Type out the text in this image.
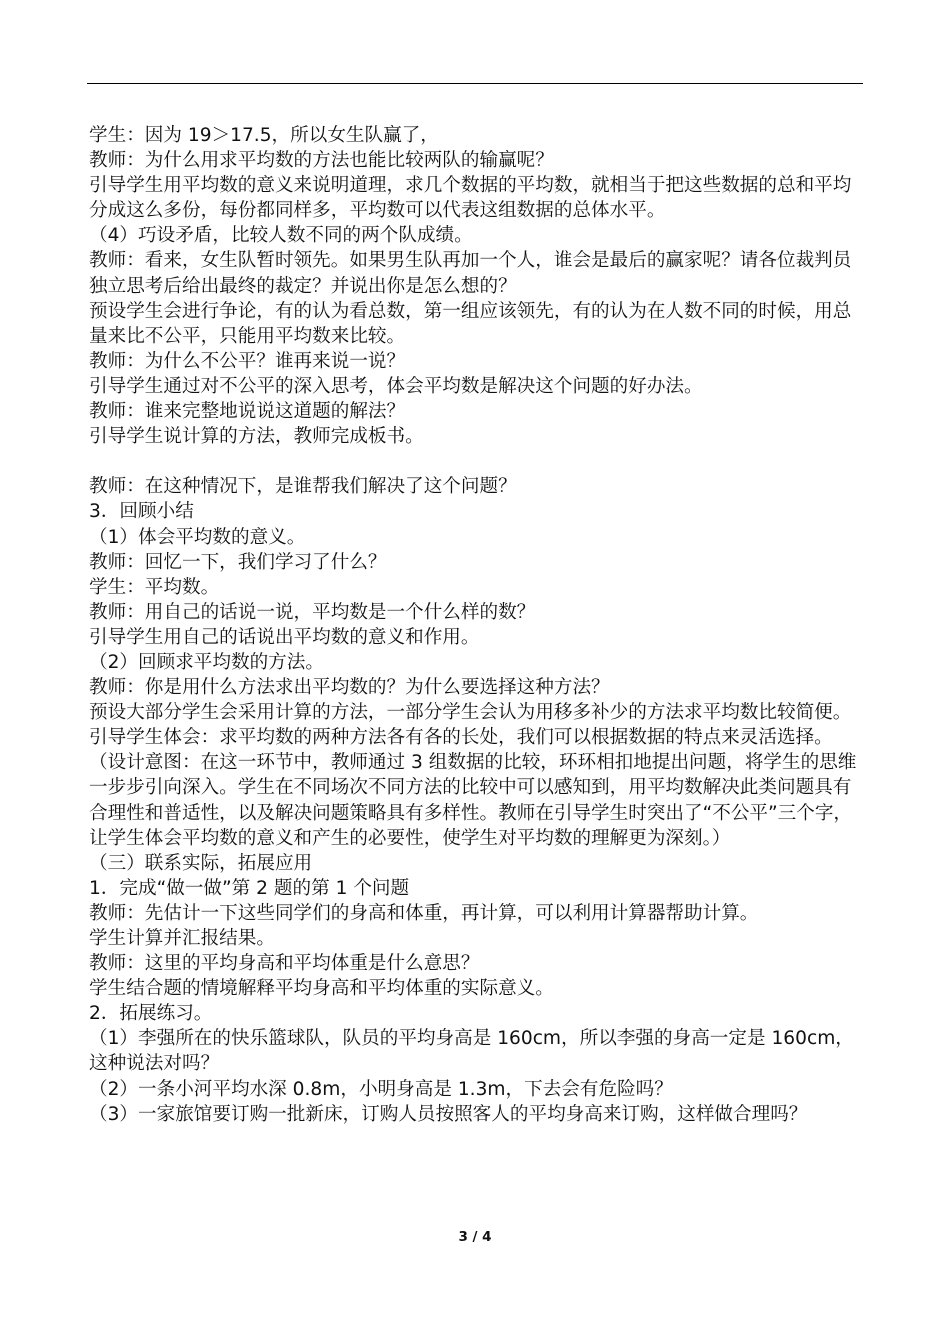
学生：因为 19＞17.5，所以女生队赢了，
教师：为什么用求平均数的方法也能比较两队的输赢呢？
引导学生用平均数的意义来说明道理，求几个数据的平均数，就相当于把这些数据的总和平均分成这么多份，每份都同样多，平均数可以代表这组数据的总体水平。
（4）巧设矛盾，比较人数不同的两个队成绩。
教师：看来，女生队暂时领先。如果男生队再加一个人，谁会是最后的赢家呢？请各位裁判员独立思考后给出最终的裁定？并说出你是怎么想的？
预设学生会进行争论，有的认为看总数，第一组应该领先，有的认为在人数不同的时候，用总量来比不公平，只能用平均数来比较。
教师：为什么不公平？谁再来说一说？
引导学生通过对不公平的深入思考，体会平均数是解决这个问题的好办法。
教师：谁来完整地说说这道题的解法？
引导学生说计算的方法，教师完成板书。
教师：在这种情况下，是谁帮我们解决了这个问题？
3．回顾小结
（1）体会平均数的意义。
教师：回忆一下，我们学习了什么？
学生：平均数。
教师：用自己的话说一说，平均数是一个什么样的数？
引导学生用自己的话说出平均数的意义和作用。
（2）回顾求平均数的方法。
教师：你是用什么方法求出平均数的？为什么要选择这种方法？
预设大部分学生会采用计算的方法，一部分学生会认为用移多补少的方法求平均数比较简便。引导学生体会：求平均数的两种方法各有各的长处，我们可以根据数据的特点来灵活选择。
（设计意图：在这一环节中，教师通过 3 组数据的比较，环环相扣地提出问题，将学生的思维一步步引向深入。学生在不同场次不同方法的比较中可以感知到，用平均数解决此类问题具有合理性和普适性，以及解决问题策略具有多样性。教师在引导学生时突出了“不公平”三个字，让学生体会平均数的意义和产生的必要性，使学生对平均数的理解更为深刻。）
（三）联系实际，拓展应用
1．完成“做一做”第 2 题的第 1 个问题
教师：先估计一下这些同学们的身高和体重，再计算，可以利用计算器帮助计算。
学生计算并汇报结果。
教师：这里的平均身高和平均体重是什么意思？
学生结合题的情境解释平均身高和平均体重的实际意义。
2．拓展练习。
（1）李强所在的快乐篮球队，队员的平均身高是 160cm，所以李强的身高一定是 160cm，这种说法对吗？
（2）一条小河平均水深 0.8m，小明身高是 1.3m，下去会有危险吗？
（3）一家旅馆要订购一批新床，订购人员按照客人的平均身高来订购，这样做合理吗？
3 / 4
